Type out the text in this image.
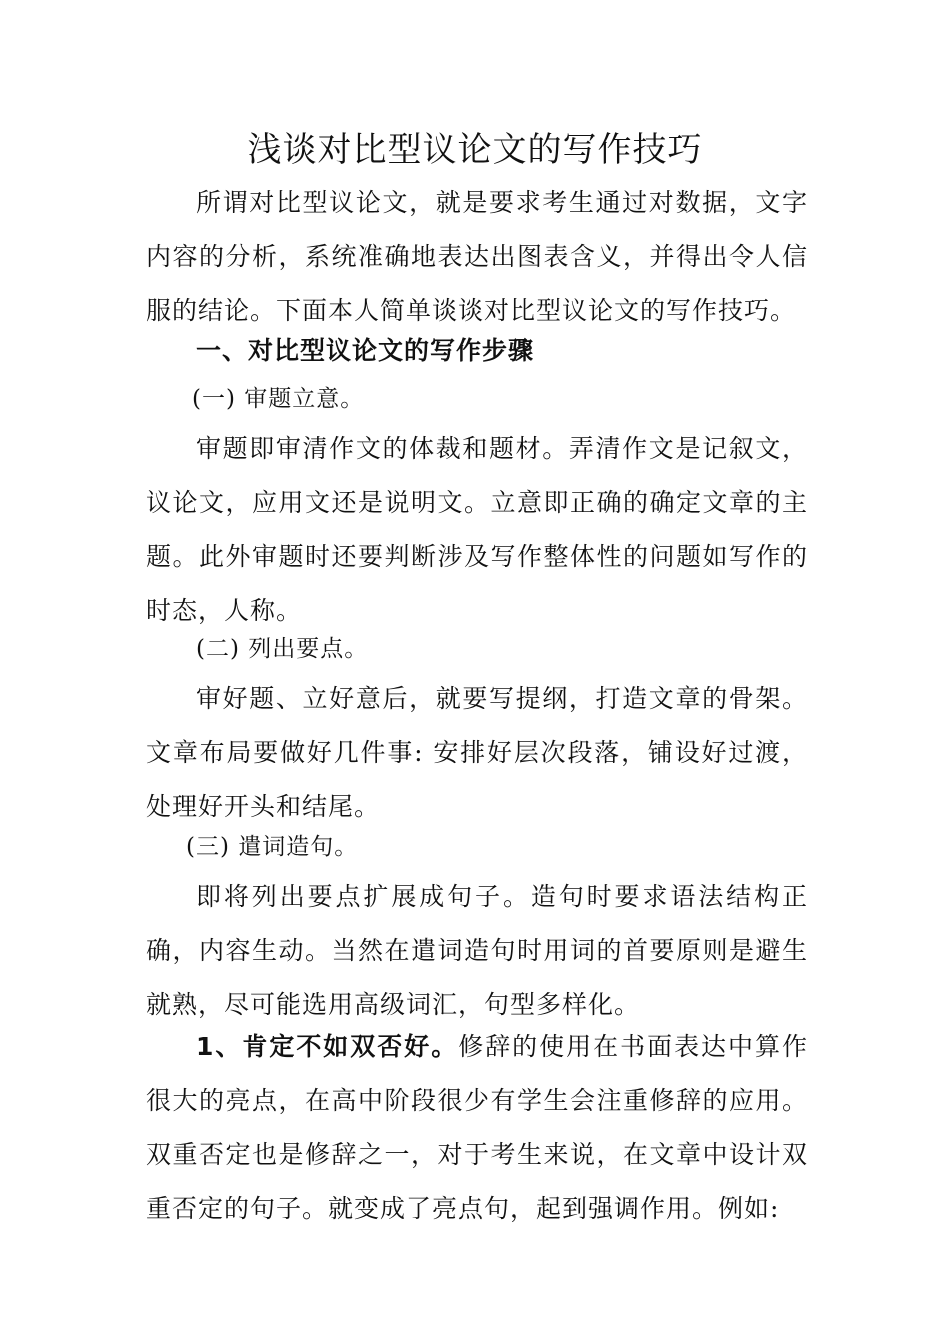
浅谈对比型议论文的写作技巧

所谓对比型议论文，就是要求考生通过对数据，文字内容的分析，系统准确地表达出图表含义，并得出令人信服的结论。下面本人简单谈谈对比型议论文的写作技巧。

一、对比型议论文的写作步骤
(一) 审题立意。

审题即审清作文的体裁和题材。弄清作文是记叙文，议论文，应用文还是说明文。立意即正确的确定文章的主题。此外审题时还要判断涉及写作整体性的问题如写作的时态，人称。

(二) 列出要点。

审好题、立好意后，就要写提纲，打造文章的骨架。文章布局要做好几件事: 安排好层次段落，铺设好过渡，处理好开头和结尾。

(三) 遣词造句。

即将列出要点扩展成句子。造句时要求语法结构正确，内容生动。当然在遣词造句时用词的首要原则是避生就熟，尽可能选用高级词汇，句型多样化。

1、肯定不如双否好。修辞的使用在书面表达中算作很大的亮点，在高中阶段很少有学生会注重修辞的应用。双重否定也是修辞之一，对于考生来说，在文章中设计双重否定的句子。就变成了亮点句，起到强调作用。例如:
